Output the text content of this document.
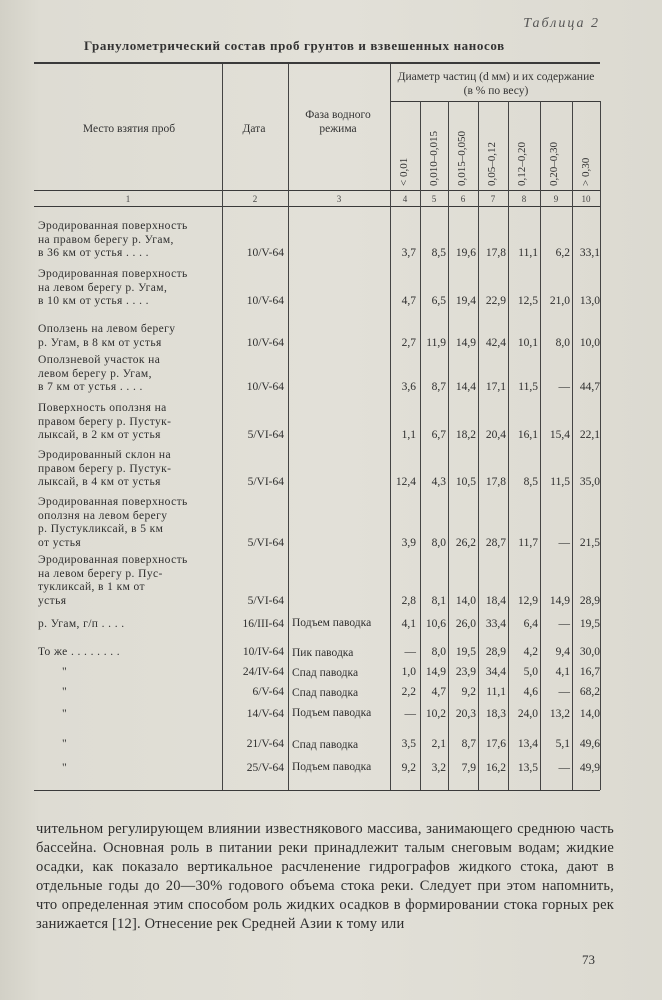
Таблица 2
Гранулометрический состав проб грунтов и взвешенных наносов
Место взятия проб	Дата
Фаза водного режима
Диаметр частиц (d мм) и их содержание (в % по весу)
< 0,01 0,010–0,015 0,015–0,050 0,05–0,12 0,12–0,20 0,20–0,30 > 0,30
1	2	3	4	5	6	7	8	9	10
Эродированная поверхность
на правом берегу р. Угам,
в 36 км от устья . . . .	10/V-64	3,7 8,5 19,6 17,8 11,1 6,2 33,1
Эродированная поверхность
на левом берегу р. Угам,
в 10 км от устья . . . .	10/V-64	4,7 6,5 19,4 22,9 12,5 21,0 13,0
Оползень на левом берегу
р. Угам, в 8 км от устья	10/V-64	2,7 11,9 14,9 42,4 10,1 8,0 10,0
Оползневой участок на
левом берегу р. Угам,
в 7 км от устья . . . .	10/V-64	3,6 8,7 14,4 17,1 11,5 — 44,7
Поверхность оползня на
правом берегу р. Пустук-
лыксай, в 2 км от устья	5/VI-64	1,1 6,7 18,2 20,4 16,1 15,4 22,1
Эродированный склон на
правом берегу р. Пустук-
лыксай, в 4 км от устья	5/VI-64	12,4 4,3 10,5 17,8 8,5 11,5 35,0
Эродированная поверхность
оползня на левом берегу
р. Пустукликсай, в 5 км
от устья	5/VI-64	3,9 8,0 26,2 28,7 11,7 — 21,5
Эродированная поверхность
на левом берегу р. Пус-
тукликсай, в 1 км от
устья	5/VI-64	2,8 8,1 14,0 18,4 12,9 14,9 28,9
р. Угам, г/п . . . .	16/III-64 Подъем паводка	4,1 10,6 26,0 33,4 6,4 — 19,5
То же . . . . . . . .	10/IV-64 Пик паводка	— 8,0 19,5 28,9 4,2 9,4 30,0
"	24/IV-64 Спад паводка	1,0 14,9 23,9 34,4 5,0 4,1 16,7
"	6/V-64 Спад паводка	2,2 4,7 9,2 11,1 4,6 — 68,2
"	14/V-64 Подъем паводка	— 10,2 20,3 18,3 24,0 13,2 14,0
"	21/V-64 Спад паводка	3,5 2,1 8,7 17,6 13,4 5,1 49,6
"	25/V-64 Подъем паводка	9,2 3,2 7,9 16,2 13,5 — 49,9
чительном регулирующем влиянии известнякового массива, занимающего среднюю часть бассейна. Основная роль в питании реки принадлежит талым снеговым водам; жидкие осадки, как показало вертикальное расчленение гидрографов жидкого стока, дают в отдельные годы до 20—30% годового объема стока реки. Следует при этом напомнить, что определенная этим способом роль жидких осадков в формировании стока горных рек занижается [12]. Отнесение рек Средней Азии к тому или
73
